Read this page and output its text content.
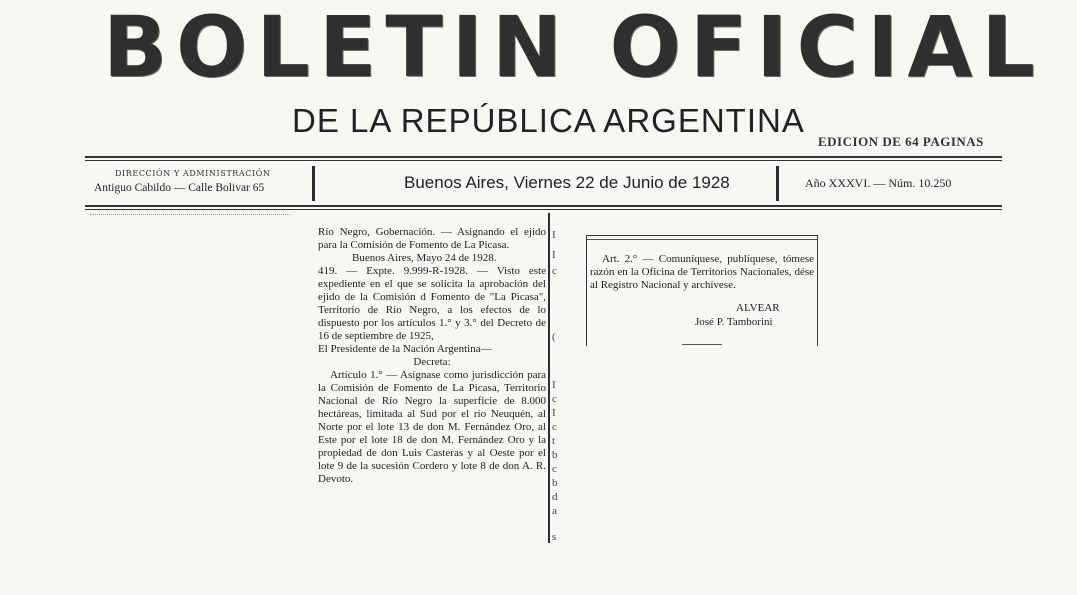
BOLETIN OFICIAL
DE LA REPÚBLICA ARGENTINA
EDICION DE 64 PAGINAS
DIRECCIÓN Y ADMINISTRACIÓN
Antiguo Cabildo — Calle Bolivar 65	Buenos Aires, Viernes 22 de Junio de 1928	Año XXXVI. — Núm. 10.250

Río Negro, Gobernación. — Asignando el ejido para la Comisión de Fomento de La Picasa.

Buenos Aires, Mayo 24 de 1928.

419. — Expte. 9.999-R-1928. — Visto este expediente en el que se solicita la aprobación del ejido de la Comisión d Fomento de "La Picasa", Territorio de Río Negro, a los efectos de lo dispuesto por los artículos 1.° y 3.° del Decreto de 16 de septiembre de 1925,

El Presidente de la Nación Argentina—

Decreta:

Artículo 1.° — Asígnase como jurisdicción para la Comisión de Fomento de La Picasa, Territorio Nacional de Río Negro la superficie de 8.000 hectáreas, limitada al Sud por el río Neuquén, al Norte por el lote 13 de don M. Fernández Oro, al Este por el lote 18 de don M. Fernández Oro y la propiedad de don Luis Casteras y al Oeste por el lote 9 de la sucesión Cordero y lote 8 de don A. R. Devoto.

I
I
c
(
I
c
I
c
t
b
c
b
d
a
s

Art. 2.° — Comuníquese, publíquese, tómese razón en la Oficina de Territorios Nacionales, dése al Registro Nacional y archívese.

ALVEAR
José P. Tamborini
